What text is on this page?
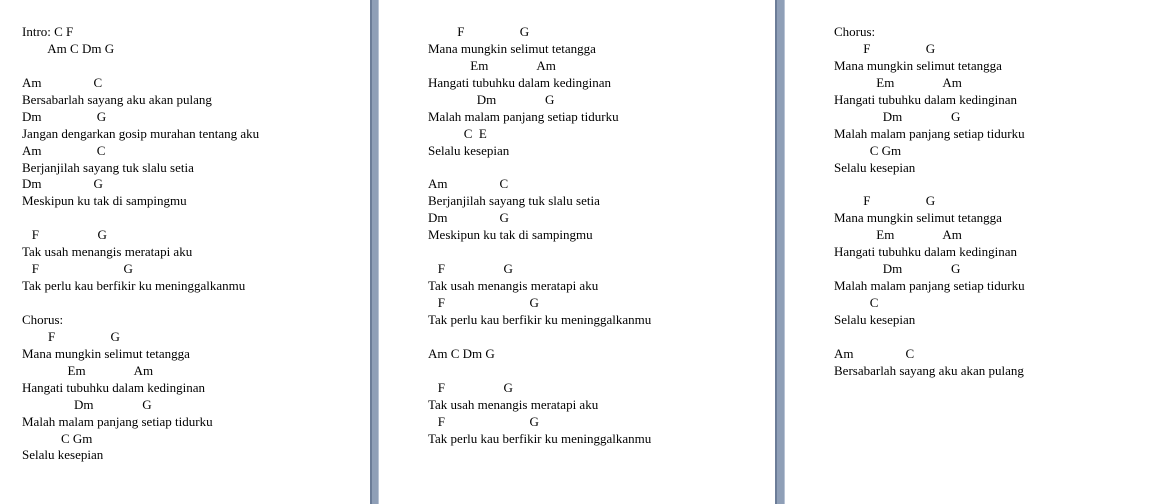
Intro: C F
Am C Dm G
Am                C
Bersabarlah sayang aku akan pulang
Dm                 G
Jangan dengarkan gosip murahan tentang aku
Am                 C
Berjanjilah sayang tuk slalu setia
Dm                G
Meskipun ku tak di sampingmu
F                  G
Tak usah menangis meratapi aku
F                          G
Tak perlu kau berfikir ku meninggalkanmu
Chorus:
F                 G
Mana mungkin selimut tetangga
Em               Am
Hangati tubuhku dalam kedinginan
Dm               G
Malah malam panjang setiap tidurku
C Gm
Selalu kesepian
F                 G
Mana mungkin selimut tetangga
Em               Am
Hangati tubuhku dalam kedinginan
Dm               G
Malah malam panjang setiap tidurku
C  E
Selalu kesepian
Am                C
Berjanjilah sayang tuk slalu setia
Dm                G
Meskipun ku tak di sampingmu
F                  G
Tak usah menangis meratapi aku
F                          G
Tak perlu kau berfikir ku meninggalkanmu
Am C Dm G
F                  G
Tak usah menangis meratapi aku
F                          G
Tak perlu kau berfikir ku meninggalkanmu
Chorus:
F                 G
Mana mungkin selimut tetangga
Em               Am
Hangati tubuhku dalam kedinginan
Dm               G
Malah malam panjang setiap tidurku
C Gm
Selalu kesepian
F                 G
Mana mungkin selimut tetangga
Em               Am
Hangati tubuhku dalam kedinginan
Dm               G
Malah malam panjang setiap tidurku
C
Selalu kesepian
Am                C
Bersabarlah sayang aku akan pulang
